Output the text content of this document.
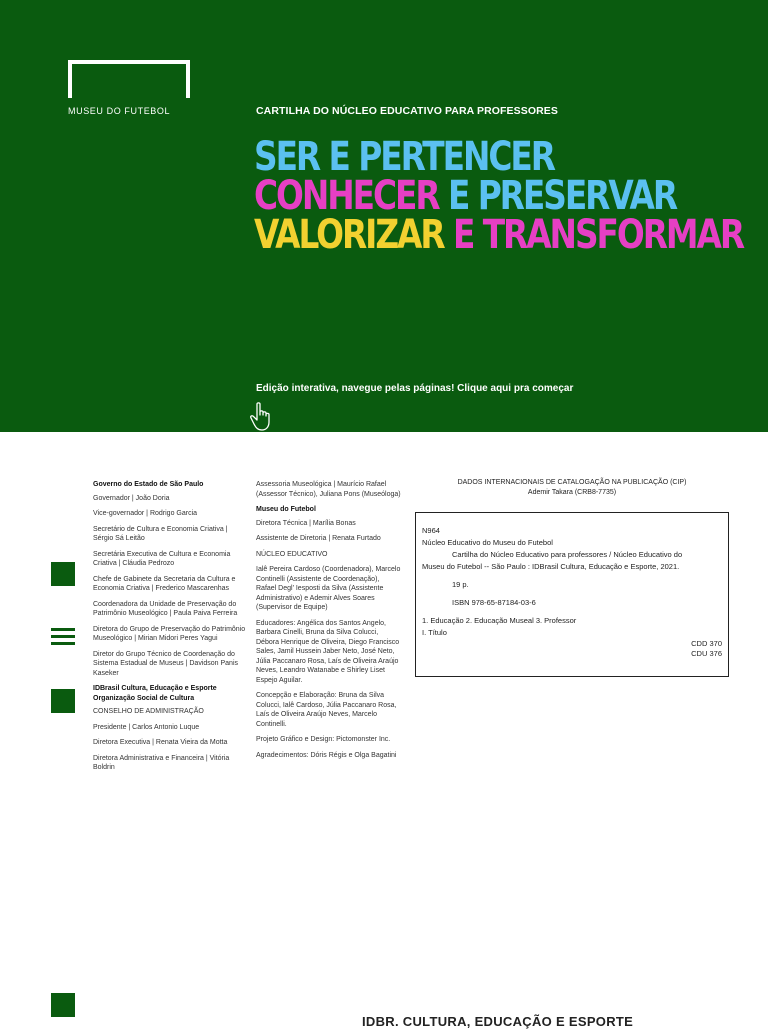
MUSEU DO FUTEBOL	CARTILHA DO NÚCLEO EDUCATIVO PARA PROFESSORES
SER E PERTENCER
CONHECER E PRESERVAR
VALORIZAR E TRANSFORMAR
Edição interativa, navegue pelas páginas! Clique aqui pra começar
Governo do Estado de São Paulo
Governador | João Doria
Vice-governador | Rodrigo Garcia
Secretário de Cultura e Economia Criativa | Sérgio Sá Leitão
Secretária Executiva de Cultura e Economia Criativa | Cláudia Pedrozo
Chefe de Gabinete da Secretaria da Cultura e Economia Criativa | Frederico Mascarenhas
Coordenadora da Unidade de Preservação do Patrimônio Museológico | Paula Paiva Ferreira
Diretora do Grupo de Preservação do Patrimônio Museológico | Mirian Midori Peres Yagui
Diretor do Grupo Técnico de Coordenação do Sistema Estadual de Museus | Davidson Panis Kaseker
IDBrasil Cultura, Educação e Esporte Organização Social de Cultura
CONSELHO DE ADMINISTRAÇÃO
Presidente | Carlos Antonio Luque
Diretora Executiva | Renata Vieira da Motta
Diretora Administrativa e Financeira | Vitória Boldrin
Assessoria Museológica | Maurício Rafael (Assessor Técnico), Juliana Pons (Museóloga)
Museu do Futebol
Diretora Técnica | Marília Bonas
Assistente de Diretoria | Renata Furtado
NÚCLEO EDUCATIVO
Ialê Pereira Cardoso (Coordenadora), Marcelo Continelli (Assistente de Coordenação), Rafael Degl' Iesposti da Silva (Assistente Administrativo) e Ademir Alves Soares (Supervisor de Equipe)
Educadores: Angélica dos Santos Angelo, Barbara Cinelli, Bruna da Silva Colucci, Débora Henrique de Oliveira, Diego Francisco Sales, Jamil Hussein Jaber Neto, José Neto, Júlia Paccanaro Rosa, Laís de Oliveira Araújo Neves, Leandro Watanabe e Shirley Liset Espejo Aguilar.
Concepção e Elaboração: Bruna da Silva Colucci, Ialê Cardoso, Júlia Paccanaro Rosa, Laís de Oliveira Araújo Neves, Marcelo Continelli.
Projeto Gráfico e Design: Pictomonster Inc.
Agradecimentos: Dóris Régis e Olga Bagatini
DADOS INTERNACIONAIS DE CATALOGAÇÃO NA PUBLICAÇÃO (CIP)
Ademir Takara (CRB8-7735)
N964
Núcleo Educativo do Museu do Futebol
Cartilha do Núcleo Educativo para professores / Núcleo Educativo do
Museu do Futebol -- São Paulo : IDBrasil Cultura, Educação e Esporte, 2021.
19 p.
ISBN 978-65-87184-03-6
1. Educação 2. Educação Museal 3. Professor
I. Título
CDD 370
CDU 376
IDBR. CULTURA, EDUCAÇÃO E ESPORTE
